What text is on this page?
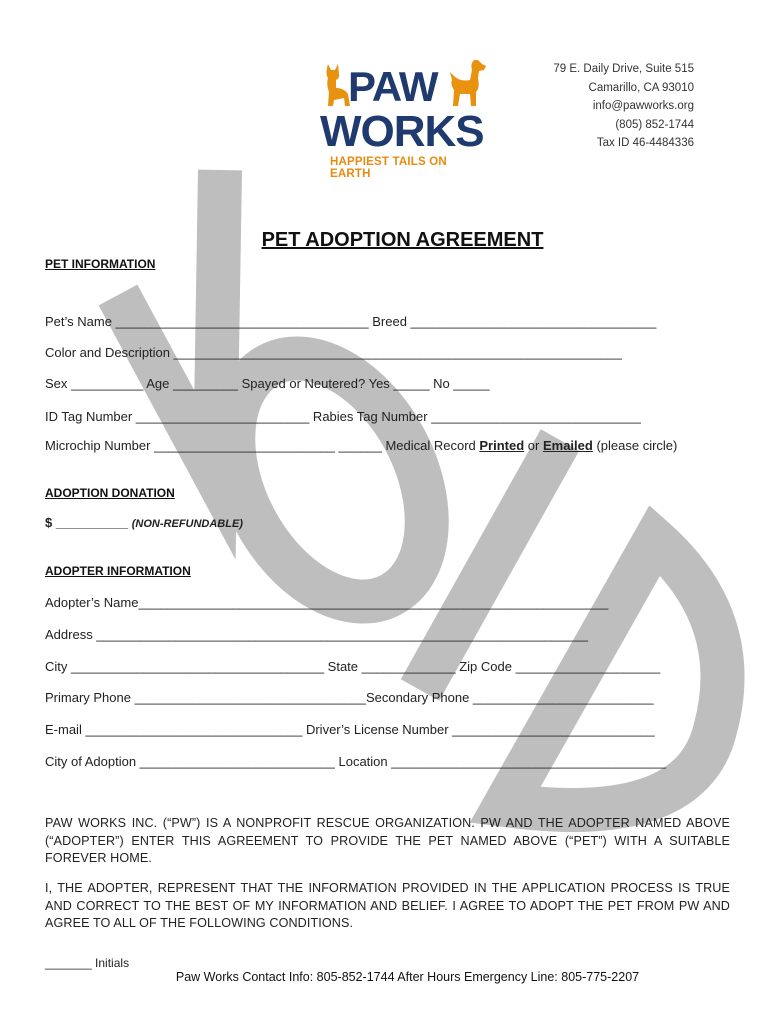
PAW
WORKS
HAPPIEST TAILS ON EARTH
79 E. Daily Drive, Suite 515
Camarillo, CA 93010
info@pawworks.org
(805) 852-1744
Tax ID 46-4484336
PET ADOPTION AGREEMENT
PET INFORMATION
Pet’s Name ___________________________________ Breed __________________________________
Color and Description ______________________________________________________________
Sex __________ Age _________ Spayed or Neutered? Yes _____ No _____
ID Tag Number ________________________ Rabies Tag Number _____________________________
Microchip Number _________________________ ______ Medical Record Printed or Emailed (please circle)
ADOPTION DONATION
$ __________ (NON-REFUNDABLE)
ADOPTER INFORMATION
Adopter’s Name_________________________________________________________________
Address ____________________________________________________________________
City ___________________________________ State _____________ Zip Code ____________________
Primary Phone ________________________________Secondary Phone _________________________
E-mail ______________________________ Driver’s License Number ____________________________
City of Adoption ___________________________ Location ______________________________________
PAW WORKS INC. (“PW”) IS A NONPROFIT RESCUE ORGANIZATION. PW AND THE ADOPTER NAMED ABOVE (“ADOPTER”) ENTER THIS AGREEMENT TO PROVIDE THE PET NAMED ABOVE (“PET”) WITH A SUITABLE FOREVER HOME.
I, THE ADOPTER, REPRESENT THAT THE INFORMATION PROVIDED IN THE APPLICATION PROCESS IS TRUE AND CORRECT TO THE BEST OF MY INFORMATION AND BELIEF. I AGREE TO ADOPT THE PET FROM PW AND AGREE TO ALL OF THE FOLLOWING CONDITIONS.
_______ Initials
Paw Works Contact Info: 805-852-1744 After Hours Emergency Line: 805-775-2207
